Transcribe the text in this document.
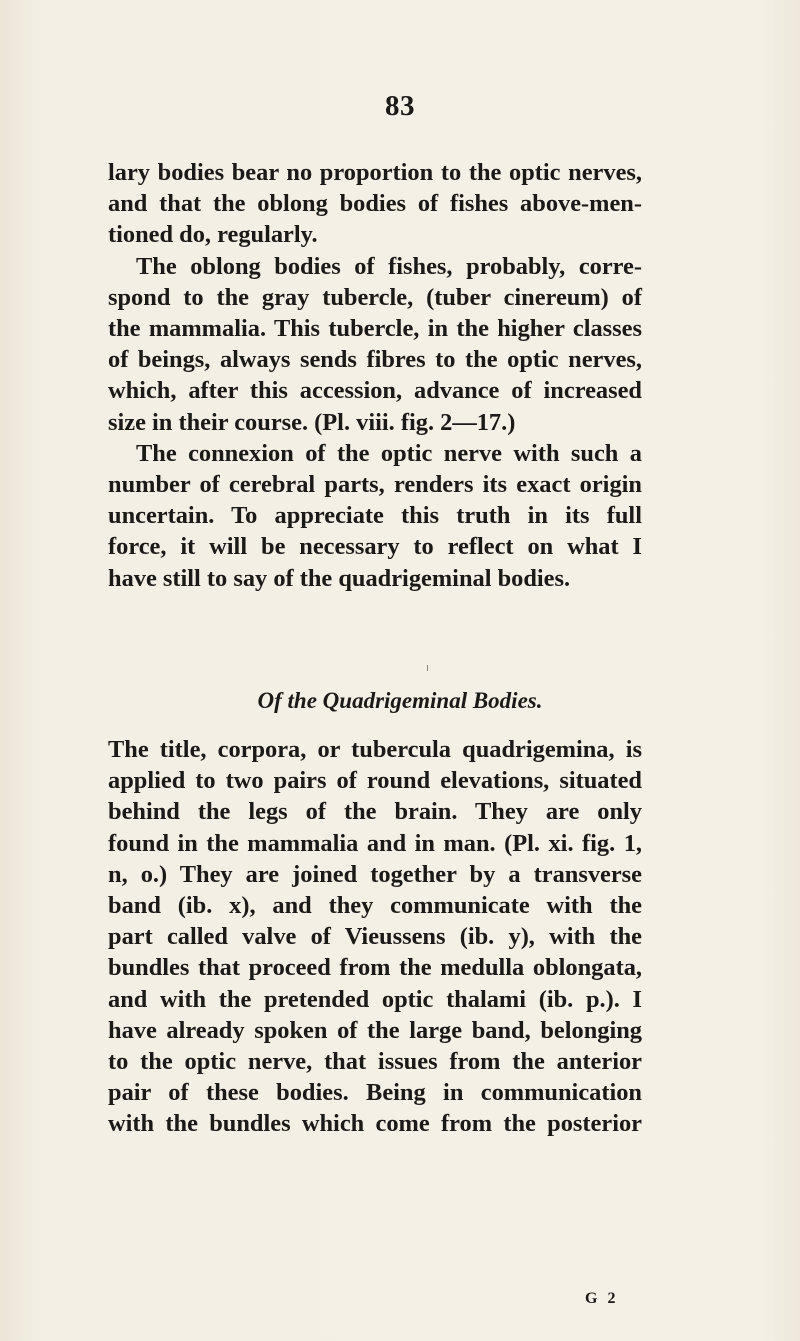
83
lary bodies bear no proportion to the optic nerves,
and that the oblong bodies of fishes above-men-
tioned do, regularly.
The oblong bodies of fishes, probably, corre-
spond to the gray tubercle, (tuber cinereum) of
the mammalia. This tubercle, in the higher classes
of beings, always sends fibres to the optic nerves,
which, after this accession, advance of increased
size in their course. (Pl. viii. fig. 2—17.)
The connexion of the optic nerve with such a
number of cerebral parts, renders its exact origin
uncertain. To appreciate this truth in its full
force, it will be necessary to reflect on what I
have still to say of the quadrigeminal bodies.
Of the Quadrigeminal Bodies.
The title, corpora, or tubercula quadrigemina, is
applied to two pairs of round elevations, situated
behind the legs of the brain. They are only
found in the mammalia and in man. (Pl. xi. fig. 1,
n, o.) They are joined together by a transverse
band (ib. x), and they communicate with the
part called valve of Vieussens (ib. y), with the
bundles that proceed from the medulla oblongata,
and with the pretended optic thalami (ib. p.). I
have already spoken of the large band, belonging
to the optic nerve, that issues from the anterior
pair of these bodies. Being in communication
with the bundles which come from the posterior
G 2
